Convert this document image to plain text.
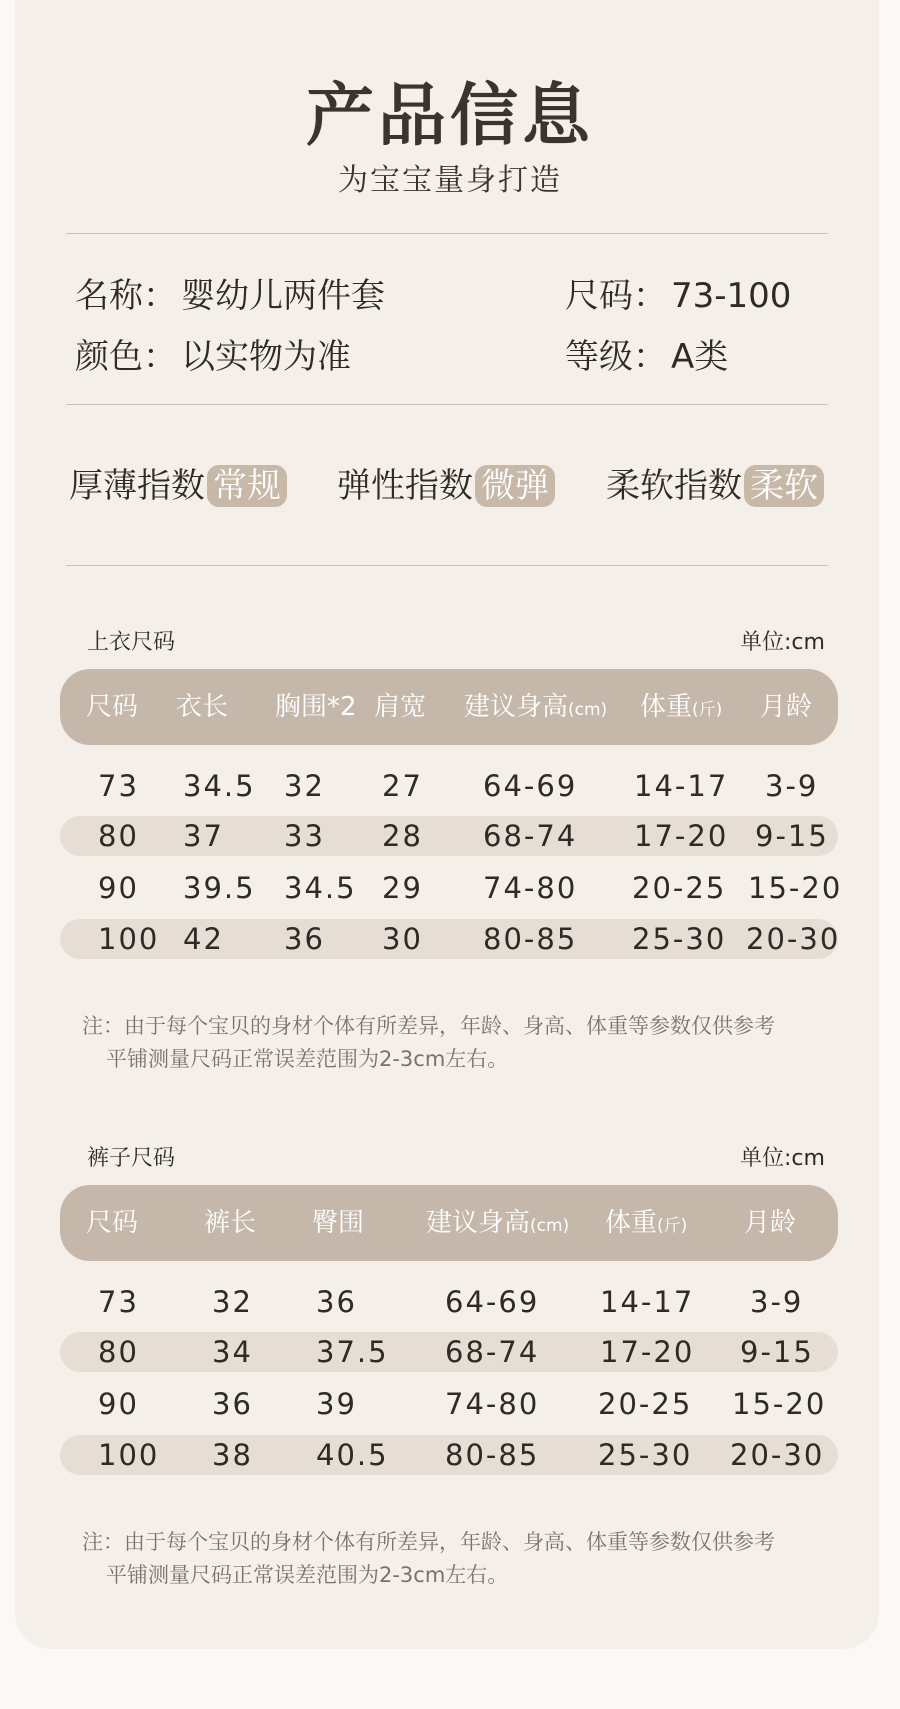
产品信息
为宝宝量身打造
名称： 婴幼儿两件套	尺码： 73-100
颜色： 以实物为准	等级： A类
厚薄指数 常规 弹性指数 微弹 柔软指数 柔软
上衣尺码	单位:cm
尺码 衣长 胸围*2 肩宽 建议身高(cm) 体重(斤) 月龄
73 34.5 32 27 64-69 14-17 3-9
80 37 33 28 68-74 17-20 9-15
90 39.5 34.5 29 74-80 20-25 15-20
100 42 36 30 80-85 25-30 20-30
注：由于每个宝贝的身材个体有所差异，年龄、身高、体重等参数仅供参考
平铺测量尺码正常误差范围为2-3cm左右。
裤子尺码	单位:cm
尺码	裤长 臀围 建议身高(cm) 体重(斤) 月龄
73	32 36	64-69 14-17 3-9
80	34 37.5 68-74 17-20 9-15
90	36 39	74-80 20-25 15-20
100 38 40.5 80-85 25-30 20-30
注：由于每个宝贝的身材个体有所差异，年龄、身高、体重等参数仅供参考
平铺测量尺码正常误差范围为2-3cm左右。
